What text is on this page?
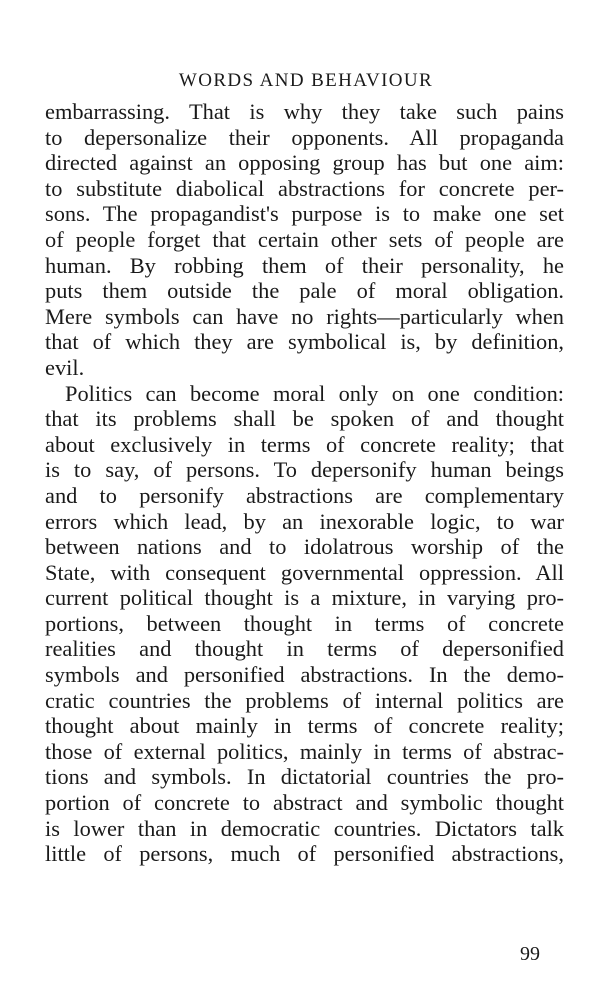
WORDS AND BEHAVIOUR
embarrassing. That is why they take such pains
to depersonalize their opponents. All propaganda
directed against an opposing group has but one aim:
to substitute diabolical abstractions for concrete per-
sons. The propagandist's purpose is to make one set
of people forget that certain other sets of people are
human. By robbing them of their personality, he
puts them outside the pale of moral obligation.
Mere symbols can have no rights—particularly when
that of which they are symbolical is, by definition,
evil.
Politics can become moral only on one condition:
that its problems shall be spoken of and thought
about exclusively in terms of concrete reality; that
is to say, of persons. To depersonify human beings
and to personify abstractions are complementary
errors which lead, by an inexorable logic, to war
between nations and to idolatrous worship of the
State, with consequent governmental oppression. All
current political thought is a mixture, in varying pro-
portions, between thought in terms of concrete
realities and thought in terms of depersonified
symbols and personified abstractions. In the demo-
cratic countries the problems of internal politics are
thought about mainly in terms of concrete reality;
those of external politics, mainly in terms of abstrac-
tions and symbols. In dictatorial countries the pro-
portion of concrete to abstract and symbolic thought
is lower than in democratic countries. Dictators talk
little of persons, much of personified abstractions,
99
